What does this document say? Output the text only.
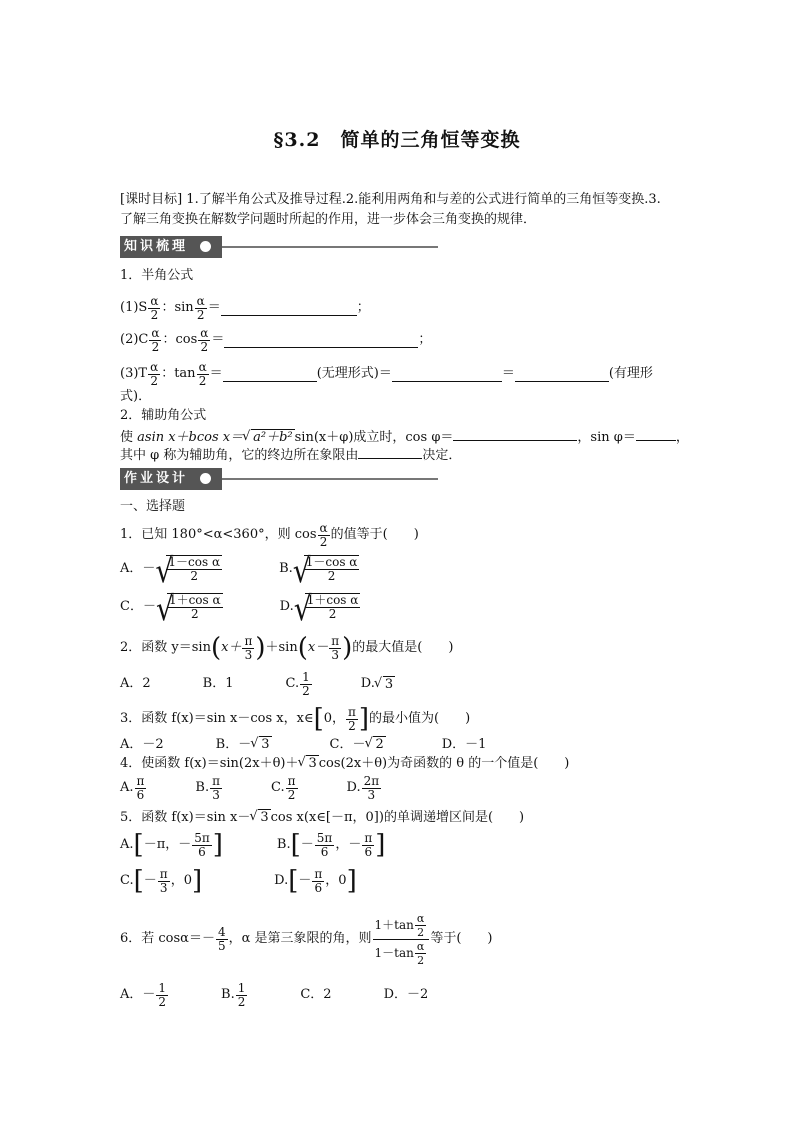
§3.2　简单的三角恒等变换
[课时目标] 1.了解半角公式及推导过程.2.能利用两角和与差的公式进行简单的三角恒等变换.3.了解三角变换在解数学问题时所起的作用，进一步体会三角变换的规律．
知识梳理
1．半角公式
$(1)S \frac{\alpha}{2}$ ：$\sin \frac{\alpha}{2}$ ＝	；
$(2)C \frac{\alpha}{2}$ ：$\cos \frac{\alpha}{2}$ ＝	；
$(3)T \frac{\alpha}{2}$ ：$\tan \frac{\alpha}{2}$ ＝	(无理形式)＝	＝	(有理形
式)．
2．辅助角公式
使 asin x＋bcos x＝ √ a²＋b² sin(x＋φ)成立时，cos φ＝	，sin φ＝	，
其中 φ 称为辅助角，它的终边所在象限由	决定．
作业设计
一、选择题
1．已知 180°<α<360°，则 $\cos \frac{\alpha}{2}$ 的值等于(　　)
A．－ √
$\frac{\text{1－cos α}}{2}$	B. √
$\frac{\text{1－cos α}}{2}$
C．－ √
$\frac{\text{1＋cos α}}{2}$	D. √
$\frac{\text{1＋cos α}}{2}$
2．函数 y＝sin ( $x+ \frac{\pi}{3}$ ) ＋sin ( $x- \frac{\pi}{3}$ ) 的最大值是(　　)
A．2	B．1	C. $\frac{1}{2}$	D. √ 3
3．函数 f(x)＝sin x－cos x，x∈ [ 0， $\frac{\pi}{2}$ ] 的最小值为(　　)
A．－2	B．－ √ 3	C．－ √ 2	D．－1
4．使函数 f(x)＝sin(2x＋θ)＋ √ 3 cos(2x＋θ)为奇函数的 θ 的一个值是(　　)
A. $\frac{\pi}{6}$	B. $\frac{\pi}{3}$	C. $\frac{\pi}{2}$	D. $\frac{2\pi}{3}$
5．函数 f(x)＝sin x－ √ 3 cos x(x∈[－π，0])的单调递增区间是(　　)
A. [ －π，－ $\frac{5\pi}{6}$ ]	B. [ － $\frac{5\pi}{6}$ ，－ $\frac{\pi}{6}$ ]
C. [ － $\frac{\pi}{3}$ ，0 ]	D. [ － $\frac{\pi}{6}$ ，0 ]
6．若 $\cos\alpha=- \frac{4}{5}$ ，α 是第三象限的角，则 $\frac{1+\tan \frac{\alpha}{2}}{1-\tan \frac{\alpha}{2}}$ 等于(　　)
A．－ $\frac{1}{2}$	B. $\frac{1}{2}$	C．2	D．－2
